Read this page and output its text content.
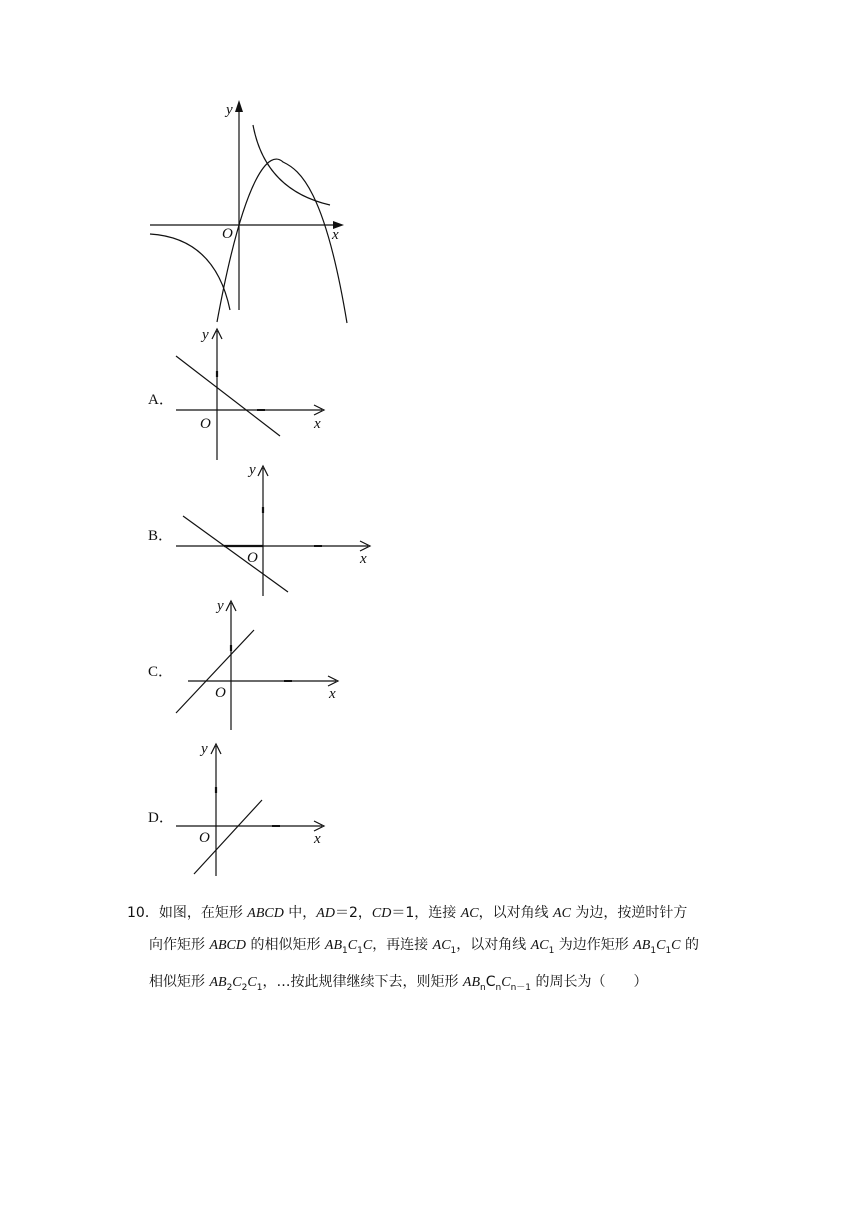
y
x
O
A．
y
x
O
B．
y
x
O
C．
y
x
O
D．
y
x
O
10．如图，在矩形 ABCD 中，AD＝2，CD＝1，连接 AC，以对角线 AC 为边，按逆时针方
向作矩形 ABCD 的相似矩形 $AB_1C_1C$，再连接 $AC_1$，以对角线 $AC_1$ 为边作矩形 $AB_1C_1C$ 的
相似矩形 $AB_2C_2C_1$，…按此规律继续下去，则矩形 $AB_nC_nC_{n-1}$ 的周长为（　　）
